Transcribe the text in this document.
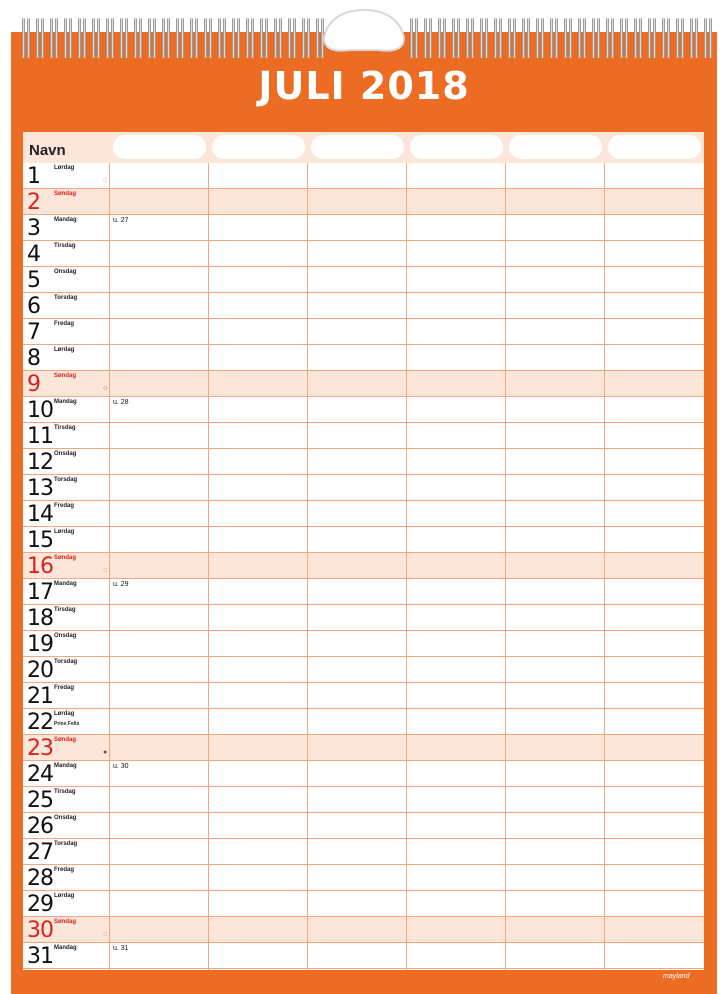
JULI 2018
Navn
1 Lørdag
◌
2 Søndag
3 Mandag	u. 27
4 Tirsdag
5 Onsdag
6 Torsdag
7 Fredag
8 Lørdag
9 Søndag
○
10 Mandag	u. 28
11 Tirsdag
12 Onsdag
13 Torsdag
14 Fredag
15 Lørdag
16 Søndag
◌
17 Mandag	u. 29
18 Tirsdag
19 Onsdag
20 Torsdag
21 Fredag
22 Lørdag
Prins Felix
23 Søndag
●
24 Mandag	u. 30
25 Tirsdag
26 Onsdag
27 Torsdag
28 Fredag
29 Lørdag
30 Søndag
◌
31 Mandag	u. 31
mayland
